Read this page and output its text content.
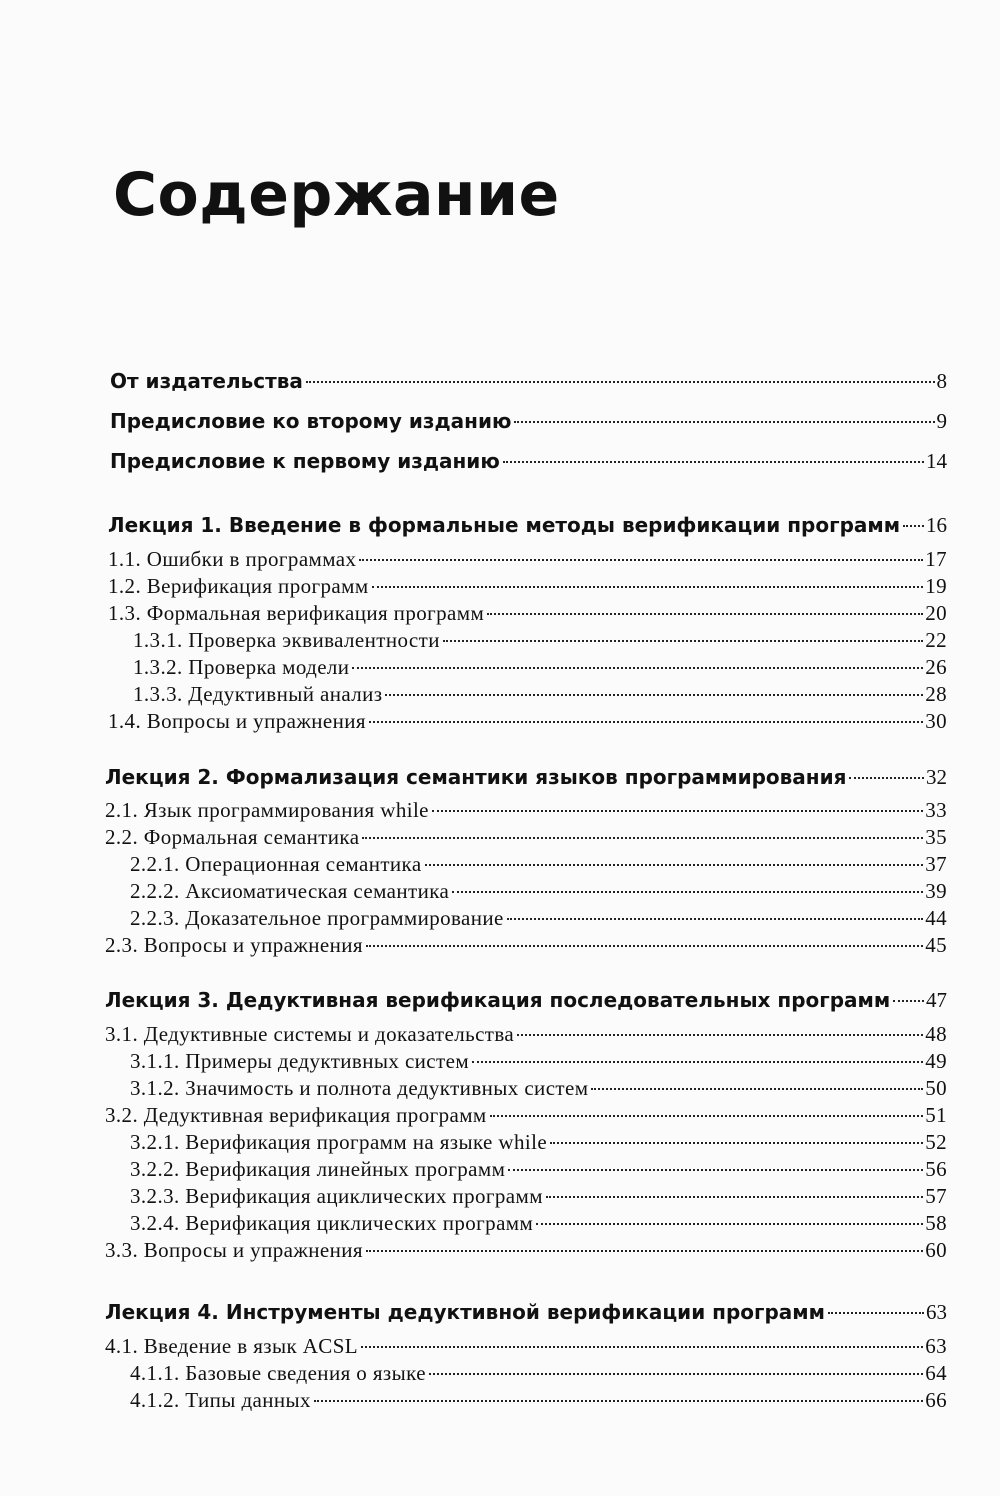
Содержание
От издательства	8
Предисловие ко второму изданию	9
Предисловие к первому изданию	14
Лекция 1. Введение в формальные методы верификации программ 16
1.1. Ошибки в программах	17
1.2. Верификация программ	19
1.3. Формальная верификация программ	20
1.3.1. Проверка эквивалентности	22
1.3.2. Проверка модели	26
1.3.3. Дедуктивный анализ	28
1.4. Вопросы и упражнения	30
Лекция 2. Формализация семантики языков программирования	32
2.1. Язык программирования while	33
2.2. Формальная семантика	35
2.2.1. Операционная семантика	37
2.2.2. Аксиоматическая семантика	39
2.2.3. Доказательное программирование	44
2.3. Вопросы и упражнения	45
Лекция 3. Дедуктивная верификация последовательных программ 47
3.1. Дедуктивные системы и доказательства	48
3.1.1. Примеры дедуктивных систем	49
3.1.2. Значимость и полнота дедуктивных систем	50
3.2. Дедуктивная верификация программ	51
3.2.1. Верификация программ на языке while	52
3.2.2. Верификация линейных программ	56
3.2.3. Верификация ациклических программ	57
3.2.4. Верификация циклических программ	58
3.3. Вопросы и упражнения	60
Лекция 4. Инструменты дедуктивной верификации программ	63
4.1. Введение в язык ACSL	63
4.1.1. Базовые сведения о языке	64
4.1.2. Типы данных	66
